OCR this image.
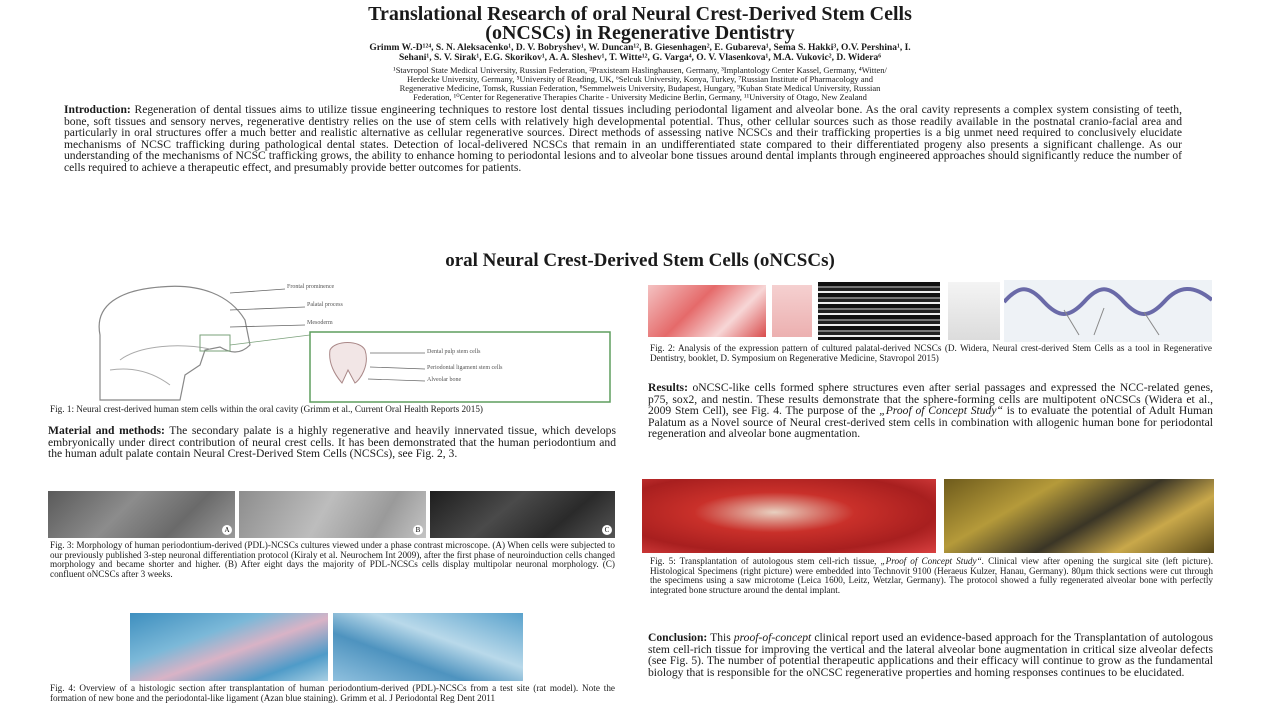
Translational Research of oral Neural Crest-Derived Stem Cells
(oNCSCs) in Regenerative Dentistry
Grimm W.-D¹²⁴, S. N. Aleksacenko¹, D. V. Bobryshev¹, W. Duncan¹², B. Giesenhagen², E. Gubareva¹, Sema S. Hakki³, O.V. Pershina¹, I.
Sehani¹, S. V. Sirak¹, E.G. Skorikov¹, A. A. Sleshev¹, T. Witte¹², G. Varga⁴, O. V. Vlasenkova¹, M.A. Vukovic², D. Widera⁶
¹Stavropol State Medical University, Russian Federation, ²Praxisteam Haslinghausen, Germany, ³Implantology Center Kassel, Germany, ⁴Witten/
Herdecke University, Germany, ⁵University of Reading, UK, ⁶Selcuk University, Konya, Turkey, ⁷Russian Institute of Pharmacology and
Regenerative Medicine, Tomsk, Russian Federation, ⁸Semmelweis University, Budapest, Hungary, ⁹Kuban State Medical University, Russian
Federation, ¹⁰Center for Regenerative Therapies Charite - University Medicine Berlin, Germany, ¹¹University of Otago, New Zealand
Introduction: Regeneration of dental tissues aims to utilize tissue engineering techniques to restore lost dental tissues including periodontal ligament and alveolar bone. As the oral cavity represents a complex system consisting of teeth, bone, soft tissues and sensory nerves, regenerative dentistry relies on the use of stem cells with relatively high developmental potential. Thus, other cellular sources such as those readily available in the postnatal cranio-facial area and particularly in oral structures offer a much better and realistic alternative as cellular regenerative sources. Direct methods of assessing native NCSCs and their trafficking properties is a big unmet need required to conclusively elucidate mechanisms of NCSC trafficking during pathological dental states. Detection of local-delivered NCSCs that remain in an undifferentiated state compared to their differentiated progeny also presents a significant challenge. As our understanding of the mechanisms of NCSC trafficking grows, the ability to enhance homing to periodontal lesions and to alveolar bone tissues around dental implants through engineered approaches should significantly reduce the number of cells required to achieve a therapeutic effect, and presumably provide better outcomes for patients.
oral Neural Crest-Derived Stem Cells (oNCSCs)
Frontal prominence
Palatal process
Mesoderm
Dental pulp stem cells
Periodontal ligament stem cells
Alveolar bone
Fig. 1: Neural crest-derived human stem cells within the oral cavity (Grimm et al., Current Oral Health Reports 2015)
Material and methods: The secondary palate is a highly regenerative and heavily innervated tissue, which develops embryonically under direct contribution of neural crest cells. It has been demonstrated that the human periodontium and the human adult palate contain Neural Crest-Derived Stem Cells (NCSCs), see Fig. 2, 3.
A	B	C
Fig. 3: Morphology of human periodontium-derived (PDL)-NCSCs cultures viewed under a phase contrast microscope. (A) When cells were subjected to our previously published 3-step neuronal differentiation protocol (Kiraly et al. Neurochem Int 2009), after the first phase of neuroinduction cells changed morphology and became shorter and higher. (B) After eight days the majority of PDL-NCSCs cells display multipolar neuronal morphology. (C) confluent oNCSCs after 3 weeks.
Fig. 4: Overview of a histologic section after transplantation of human periodontium-derived (PDL)-NCSCs from a test site (rat model). Note the formation of new bone and the periodontal-like ligament (Azan blue staining). Grimm et al. J Periodontal Reg Dent 2011
Fig. 2: Analysis of the expression pattern of cultured palatal-derived NCSCs (D. Widera, Neural crest-derived Stem Cells as a tool in Regenerative Dentistry, booklet, D. Symposium on Regenerative Medicine, Stavropol 2015)
Results: oNCSC-like cells formed sphere structures even after serial passages and expressed the NCC-related genes, p75, sox2, and nestin. These results demonstrate that the sphere-forming cells are multipotent oNCSCs (Widera et al., 2009 Stem Cell), see Fig. 4. The purpose of the „Proof of Concept Study“ is to evaluate the potential of Adult Human Palatum as a Novel source of Neural crest-derived stem cells in combination with allogenic human bone for periodontal regeneration and alveolar bone augmentation.
Fig. 5: Transplantation of autologous stem cell-rich tissue, „Proof of Concept Study“. Clinical view after opening the surgical site (left picture). Histological Specimens (right picture) were embedded into Technovit 9100 (Heraeus Kulzer, Hanau, Germany). 80µm thick sections were cut through the specimens using a saw microtome (Leica 1600, Leitz, Wetzlar, Germany). The protocol showed a fully regenerated alveolar bone with perfectly integrated bone structure around the dental implant.
Conclusion: This proof-of-concept clinical report used an evidence-based approach for the Transplantation of autologous stem cell-rich tissue for improving the vertical and the lateral alveolar bone augmentation in critical size alveolar defects (see Fig. 5). The number of potential therapeutic applications and their efficacy will continue to grow as the fundamental biology that is responsible for the oNCSC regenerative properties and homing responses continues to be elucidated.
